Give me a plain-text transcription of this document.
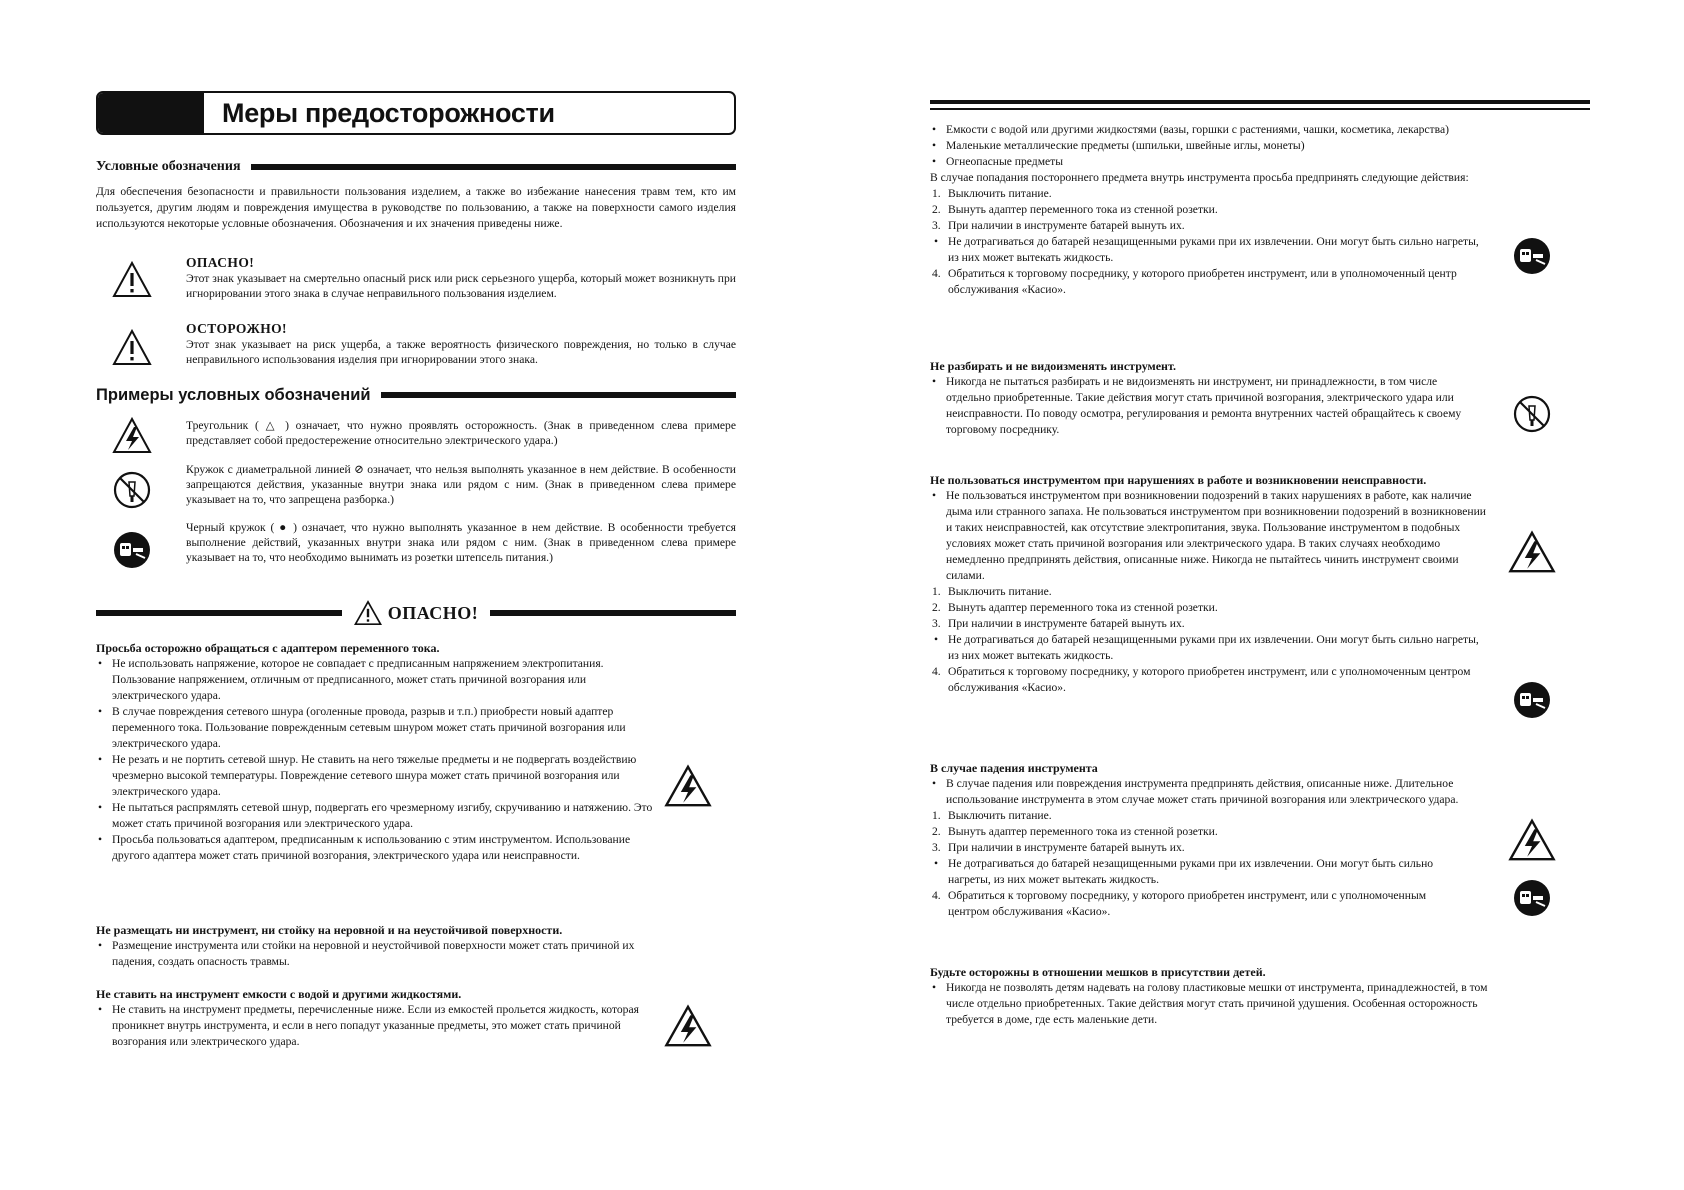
Меры предосторожности
Условные обозначения

Для обеспечения безопасности и правильности пользования изделием, а также во избежание нанесения травм тем, кто им пользуется, другим людям и повреждения имущества в руководстве по пользованию, а также на поверхности самого изделия используются некоторые условные обозначения. Обозначения и их значения приведены ниже.

ОПАСНО!
Этот знак указывает на смертельно опасный риск или риск серьезного ущерба, который может возникнуть при игнорировании этого знака в случае неправильного пользования изделием.
ОСТОРОЖНО!
Этот знак указывает на риск ущерба, а также вероятность физического повреждения, но только в случае неправильного использования изделия при игнорировании этого знака.
Примеры условных обозначений
Треугольник ( △ ) означает, что нужно проявлять осторожность. (Знак в приведенном слева примере представляет собой предостережение относительно электрического удара.)
Кружок с диаметральной линией ⊘ означает, что нельзя выполнять указанное в нем действие. В особенности запрещаются действия, указанные внутри знака или рядом с ним. (Знак в приведенном слева примере указывает на то, что запрещена разборка.)
Черный кружок ( ● ) означает, что нужно выполнять указанное в нем действие. В особенности требуется выполнение действий, указанных внутри знака или рядом с ним. (Знак в приведенном слева примере указывает на то, что необходимо вынимать из розетки штепсель питания.)
ОПАСНО!
Просьба осторожно обращаться с адаптером переменного тока.
• Не использовать напряжение, которое не совпадает с предписанным напряжением электропитания. Пользование напряжением, отличным от предписанного, может стать причиной возгорания или электрического удара.
• В случае повреждения сетевого шнура (оголенные провода, разрыв и т.п.) приобрести новый адаптер переменного тока. Пользование поврежденным сетевым шнуром может стать причиной возгорания или электрического удара.
• Не резать и не портить сетевой шнур. Не ставить на него тяжелые предметы и не подвергать воздействию чрезмерно высокой температуры. Повреждение сетевого шнура может стать причиной возгорания или электрического удара.
• Не пытаться распрямлять сетевой шнур, подвергать его чрезмерному изгибу, скручиванию и натяжению. Это может стать причиной возгорания или электрического удара.
• Просьба пользоваться адаптером, предписанным к использованию с этим инструментом. Использование другого адаптера может стать причиной возгорания, электрического удара или неисправности.
Не размещать ни инструмент, ни стойку на неровной и на неустойчивой поверхности.
• Размещение инструмента или стойки на неровной и неустойчивой поверхности может стать причиной их падения, создать опасность травмы.
Не ставить на инструмент емкости с водой и другими жидкостями.
• Не ставить на инструмент предметы, перечисленные ниже. Если из емкостей прольется жидкость, которая проникнет внутрь инструмента, и если в него попадут указанные предметы, это может стать причиной возгорания или электрического удара.
• Емкости с водой или другими жидкостями (вазы, горшки с растениями, чашки, косметика, лекарства)
• Маленькие металлические предметы (шпильки, швейные иглы, монеты)
• Огнеопасные предметы
В случае попадания постороннего предмета внутрь инструмента просьба предпринять следующие действия:
1. Выключить питание.
2. Вынуть адаптер переменного тока из стенной розетки.
3. При наличии в инструменте батарей вынуть их.
• Не дотрагиваться до батарей незащищенными руками при их извлечении. Они могут быть сильно нагреты, из них может вытекать жидкость.
4. Обратиться к торговому посреднику, у которого приобретен инструмент, или в уполномоченный центр обслуживания «Касио».
Не разбирать и не видоизменять инструмент.
• Никогда не пытаться разбирать и не видоизменять ни инструмент, ни принадлежности, в том числе отдельно приобретенные. Такие действия могут стать причиной возгорания, электрического удара или неисправности. По поводу осмотра, регулирования и ремонта внутренних частей обращайтесь к своему торговому посреднику.
Не пользоваться инструментом при нарушениях в работе и возникновении неисправности.
• Не пользоваться инструментом при возникновении подозрений в таких нарушениях в работе, как наличие дыма или странного запаха. Не пользоваться инструментом при возникновении подозрений в возникновении и таких неисправностей, как отсутствие электропитания, звука. Пользование инструментом в подобных условиях может стать причиной возгорания или электрического удара. В таких случаях необходимо немедленно предпринять действия, описанные ниже. Никогда не пытайтесь чинить инструмент своими силами.
1. Выключить питание.
2. Вынуть адаптер переменного тока из стенной розетки.
3. При наличии в инструменте батарей вынуть их.
• Не дотрагиваться до батарей незащищенными руками при их извлечении. Они могут быть сильно нагреты, из них может вытекать жидкость.
4. Обратиться к торговому посреднику, у которого приобретен инструмент, или с уполномоченным центром обслуживания «Касио».
В случае падения инструмента
• В случае падения или повреждения инструмента предпринять действия, описанные ниже. Длительное использование инструмента в этом случае может стать причиной возгорания или электрического удара.
1. Выключить питание.
2. Вынуть адаптер переменного тока из стенной розетки.
3. При наличии в инструменте батарей вынуть их.
• Не дотрагиваться до батарей незащищенными руками при их извлечении. Они могут быть сильно нагреты, из них может вытекать жидкость.
4. Обратиться к торговому посреднику, у которого приобретен инструмент, или с уполномоченным центром обслуживания «Касио».
Будьте осторожны в отношении мешков в присутствии детей.
• Никогда не позволять детям надевать на голову пластиковые мешки от инструмента, принадлежностей, в том числе отдельно приобретенных. Такие действия могут стать причиной удушения. Особенная осторожность требуется в доме, где есть маленькие дети.
